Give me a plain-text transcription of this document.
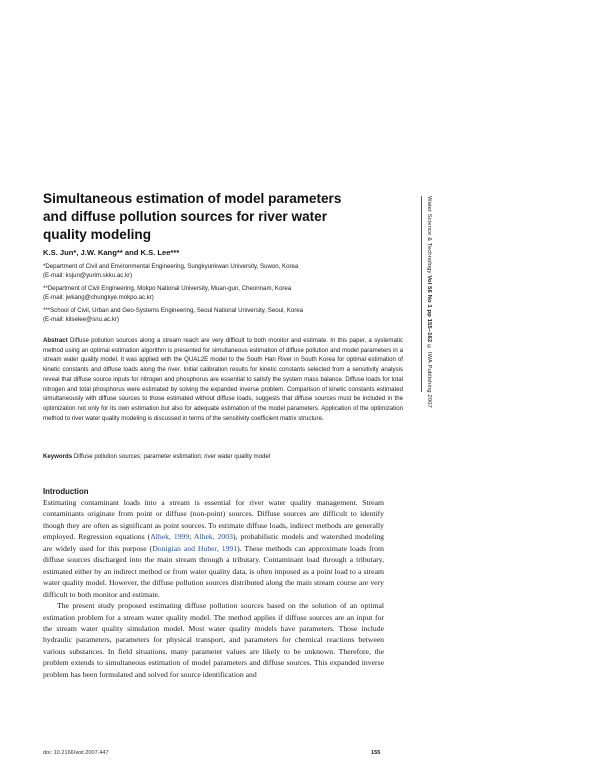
Simultaneous estimation of model parameters
and diffuse pollution sources for river water
quality modeling
K.S. Jun*, J.W. Kang** and K.S. Lee***
*Department of Civil and Environmental Engineering, Sungkyunkwan University, Suwon, Korea
(E-mail: ksjun@yurim.skku.ac.kr)
**Department of Civil Engineering, Mokpo National University, Muan-gun, Cheonnam, Korea
(E-mail: jwkang@chungkye.mokpo.ac.kr)
***School of Civil, Urban and Geo-Systems Engineering, Seoul National University, Seoul, Korea
(E-mail: kilselee@snu.ac.kr)
Abstract Diffuse pollution sources along a stream reach are very difficult to both monitor and estimate. In this paper, a systematic method using an optimal estimation algorithm is presented for simultaneous estimation of diffuse pollution and model parameters in a stream water quality model. It was applied with the QUAL2E model to the South Han River in South Korea for optimal estimation of kinetic constants and diffuse loads along the river. Initial calibration results for kinetic constants selected from a sensitivity analysis reveal that diffuse source inputs for nitrogen and phosphorus are essential to satisfy the system mass balance. Diffuse loads for total nitrogen and total phosphorus were estimated by solving the expanded inverse problem. Comparison of kinetic constants estimated simultaneously with diffuse sources to those estimated without diffuse loads, suggests that diffuse sources must be included in the optimization not only for its own estimation but also for adequate estimation of the model parameters. Application of the optimization method to river water quality modeling is discussed in terms of the sensitivity coefficient matrix structure.
Keywords Diffuse pollution sources; parameter estimation; river water quality model
Introduction

Estimating contaminant loads into a stream is essential for river water quality management. Stream contaminants originate from point or diffuse (non-point) sources. Diffuse sources are difficult to identify though they are often as significant as point sources. To estimate diffuse loads, indirect methods are generally employed. Regression equations (Alhek, 1999; Alhek, 2003), probabilistic models and watershed modeling are widely used for this purpose (Donigian and Huber, 1991). These methods can approximate loads from diffuse sources discharged into the main stream through a tributary. Contaminant load through a tributary, estimated either by an indirect method or from water quality data, is often imposed as a point load to a stream water quality model. However, the diffuse pollution sources distributed along the main stream course are very difficult to both monitor and estimate.

The present study proposed estimating diffuse pollution sources based on the solution of an optimal estimation problem for a stream water quality model. The method applies if diffuse sources are an input for the stream water quality simulation model. Most water quality models have parameters. Those include hydraulic parameters, parameters for physical transport, and parameters for chemical reactions between various substances. In field situations, many parameter values are likely to be unknown. Therefore, the problem extends to simultaneous estimation of model parameters and diffuse sources. This expanded inverse problem has been formulated and solved for source identification and

doi: 10.2166/wst.2007.447	155
Water Science & Technology Vol 56 No 1 pp 155–162 © IWA Publishing 2007
